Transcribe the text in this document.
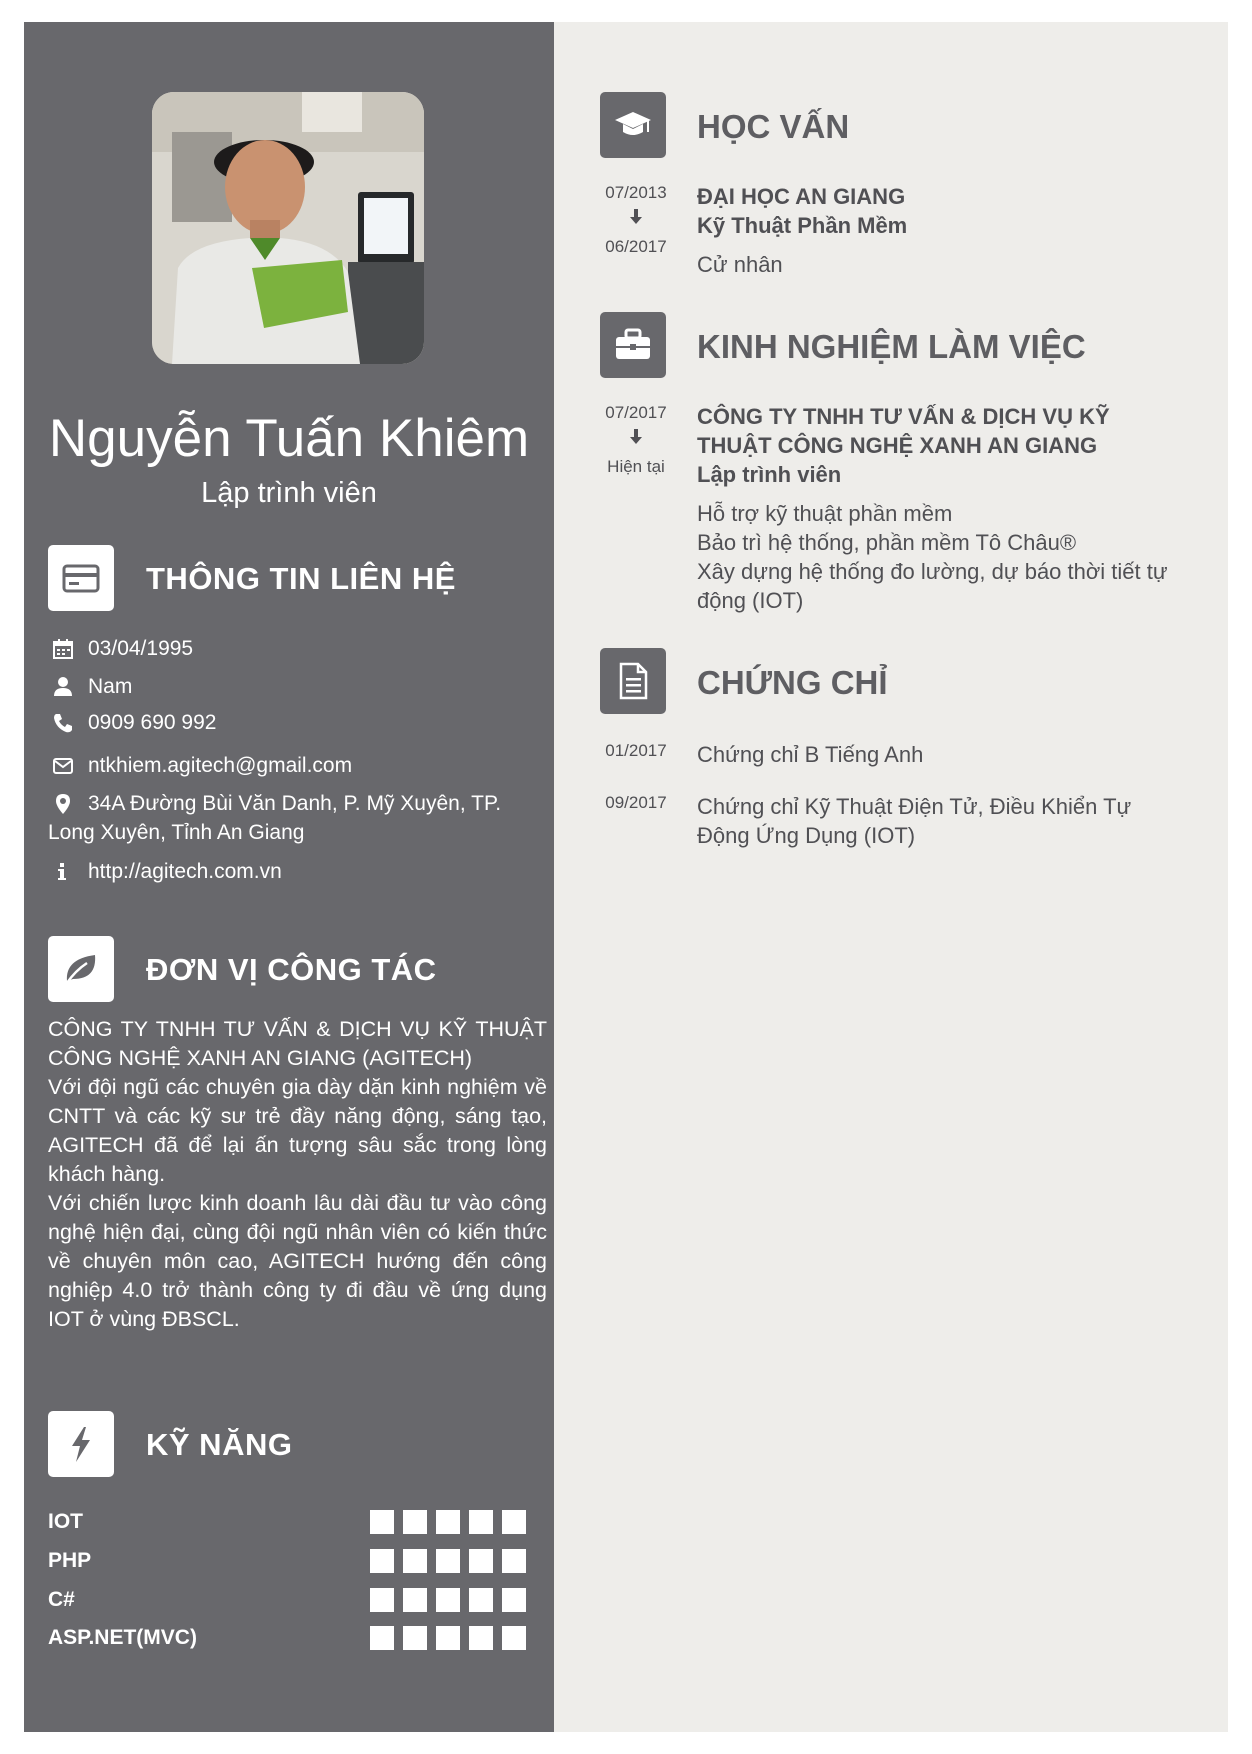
Nguyễn Tuấn Khiêm
Lập trình viên
THÔNG TIN LIÊN HỆ
03/04/1995
Nam
0909 690 992
ntkhiem.agitech@gmail.com
34A Đường Bùi Văn Danh, P. Mỹ Xuyên, TP. Long Xuyên, Tỉnh An Giang
http://agitech.com.vn
ĐƠN VỊ CÔNG TÁC

CÔNG TY TNHH TƯ VẤN & DỊCH VỤ KỸ THUẬT CÔNG NGHỆ XANH AN GIANG (AGITECH)

Với đội ngũ các chuyên gia dày dặn kinh nghiệm về CNTT và các kỹ sư trẻ đầy năng động, sáng tạo, AGITECH đã để lại ấn tượng sâu sắc trong lòng khách hàng.

Với chiến lược kinh doanh lâu dài đầu tư vào công nghệ hiện đại, cùng đội ngũ nhân viên có kiến thức về chuyên môn cao, AGITECH hướng đến công nghiệp 4.0 trở thành công ty đi đầu về ứng dụng IOT ở vùng ĐBSCL.

KỸ NĂNG
IOT
PHP
C#
ASP.NET(MVC)
HỌC VẤN
07/2013
06/2017
ĐẠI HỌC AN GIANG
Kỹ Thuật Phần Mềm
Cử nhân
KINH NGHIỆM LÀM VIỆC
07/2017
Hiện tại
CÔNG TY TNHH TƯ VẤN & DỊCH VỤ KỸ THUẬT CÔNG NGHỆ XANH AN GIANG
Lập trình viên
Hỗ trợ kỹ thuật phần mềm
Bảo trì hệ thống, phần mềm Tô Châu®
Xây dựng hệ thống đo lường, dự báo thời tiết tự động (IOT)
CHỨNG CHỈ
01/2017 Chứng chỉ B Tiếng Anh
09/2017 Chứng chỉ Kỹ Thuật Điện Tử, Điều Khiển Tự Động Ứng Dụng (IOT)
